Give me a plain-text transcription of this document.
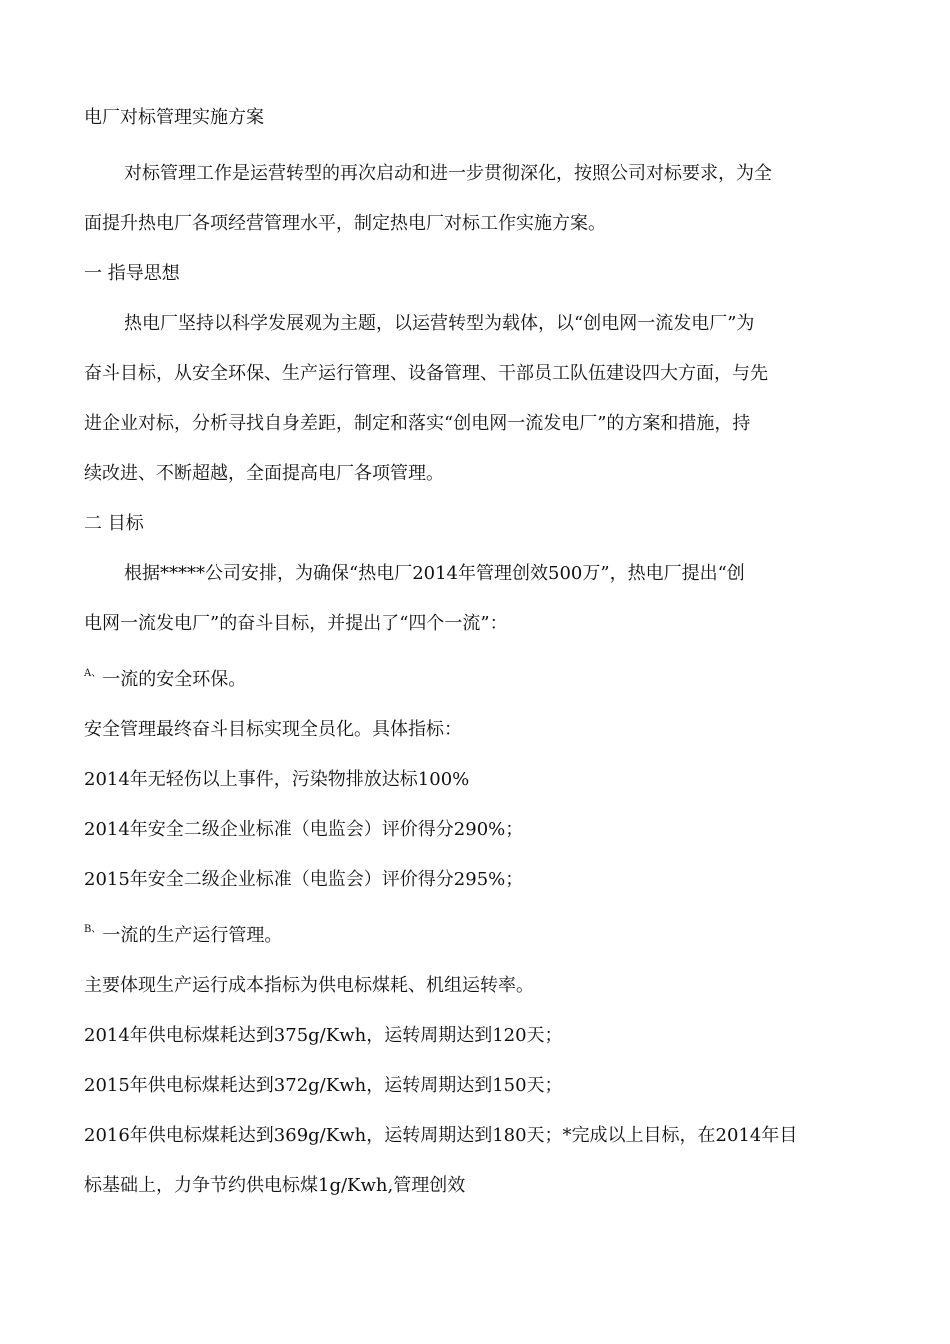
电厂对标管理实施方案

对标管理工作是运营转型的再次启动和进一步贯彻深化，按照公司对标要求，为全

面提升热电厂各项经营管理水平，制定热电厂对标工作实施方案。

一 指导思想

热电厂坚持以科学发展观为主题，以运营转型为载体，以“创电网一流发电厂”为

奋斗目标，从安全环保、生产运行管理、设备管理、干部员工队伍建设四大方面，与先

进企业对标，分析寻找自身差距，制定和落实“创电网一流发电厂”的方案和措施，持

续改进、不断超越，全面提高电厂各项管理。

二 目标

根据*****公司安排，为确保“热电厂2014年管理创效500万”，热电厂提出“创

电网一流发电厂”的奋斗目标，并提出了“四个一流”：

$^{A、}$一流的安全环保。

安全管理最终奋斗目标实现全员化。具体指标：

2014年无轻伤以上事件，污染物排放达标100%

2014年安全二级企业标准（电监会）评价得分290%；

2015年安全二级企业标准（电监会）评价得分295%；

$^{B、}$一流的生产运行管理。

主要体现生产运行成本指标为供电标煤耗、机组运转率。

2014年供电标煤耗达到375g/Kwh，运转周期达到120天；

2015年供电标煤耗达到372g/Kwh，运转周期达到150天；

2016年供电标煤耗达到369g/Kwh，运转周期达到180天；*完成以上目标，在2014年目

标基础上，力争节约供电标煤1g/Kwh,管理创效
